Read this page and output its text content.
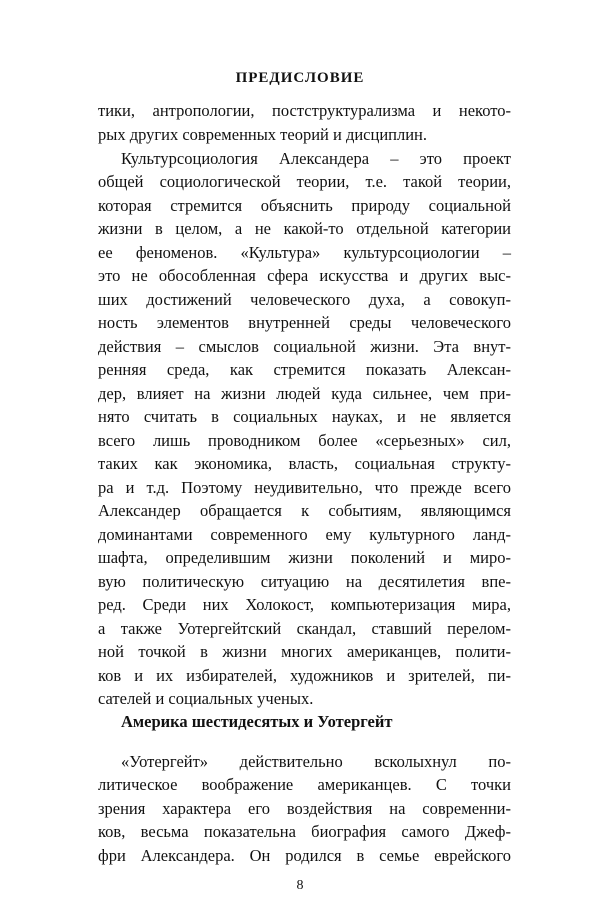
ПРЕДИСЛОВИЕ
тики, антропологии, постструктурализма и некото-
рых других современных теорий и дисциплин.
Культурсоциология Александера – это проект
общей социологической теории, т.е. такой теории,
которая стремится объяснить природу социальной
жизни в целом, а не какой-то отдельной категории
ее феноменов. «Культура» культурсоциологии –
это не обособленная сфера искусства и других выс-
ших достижений человеческого духа, а совокуп-
ность элементов внутренней среды человеческого
действия – смыслов социальной жизни. Эта внут-
ренняя среда, как стремится показать Алексан-
дер, влияет на жизни людей куда сильнее, чем при-
нято считать в социальных науках, и не является
всего лишь проводником более «серьезных» сил,
таких как экономика, власть, социальная структу-
ра и т.д. Поэтому неудивительно, что прежде всего
Александер обращается к событиям, являющимся
доминантами современного ему культурного ланд-
шафта, определившим жизни поколений и миро-
вую политическую ситуацию на десятилетия впе-
ред. Среди них Холокост, компьютеризация мира,
а также Уотергейтский скандал, ставший перелом-
ной точкой в жизни многих американцев, полити-
ков и их избирателей, художников и зрителей, пи-
сателей и социальных ученых.
Америка шестидесятых и Уотергейт
«Уотергейт» действительно всколыхнул по-
литическое воображение американцев. С точки
зрения характера его воздействия на современни-
ков, весьма показательна биография самого Джеф-
фри Александера. Он родился в семье еврейского
8
